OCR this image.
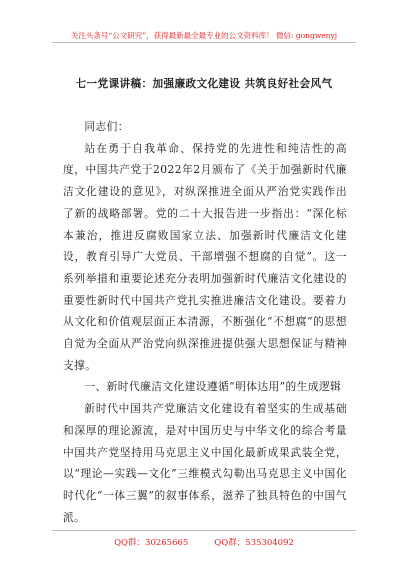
关注头条号“公文研究”，获得最新最全最专业的公文资料库！ 微信: gongwenyj
七一党课讲稿：加强廉政文化建设 共筑良好社会风气

同志们：

站在勇于自我革命、保持党的先进性和纯洁性的高度，中国共产党于2022年2月颁布了《关于加强新时代廉洁文化建设的意见》，对纵深推进全面从严治党实践作出了新的战略部署。党的二十大报告进一步指出：“深化标本兼治，推进反腐败国家立法、加强新时代廉洁文化建设，教育引导广大党员、干部增强不想腐的自觉”。这一系列举措和重要论述充分表明加强新时代廉洁文化建设的重要性新时代中国共产党扎实推进廉洁文化建设。要着力从文化和价值观层面正本清源，不断强化“不想腐”的思想自觉为全面从严治党向纵深推进提供强大思想保证与精神支撑。

一、新时代廉洁文化建设遵循“明体达用”的生成逻辑

新时代中国共产党廉洁文化建设有着坚实的生成基础和深厚的理论源流，是对中国历史与中华文化的综合考量中国共产党坚持用马克思主义中国化最新成果武装全党，以“理论—实践—文化”三维模式勾勒出马克思主义中国化时代化“一体三翼”的叙事体系，滋养了独具特色的中国气派。

QQ群：30265665	QQ群：535304092
